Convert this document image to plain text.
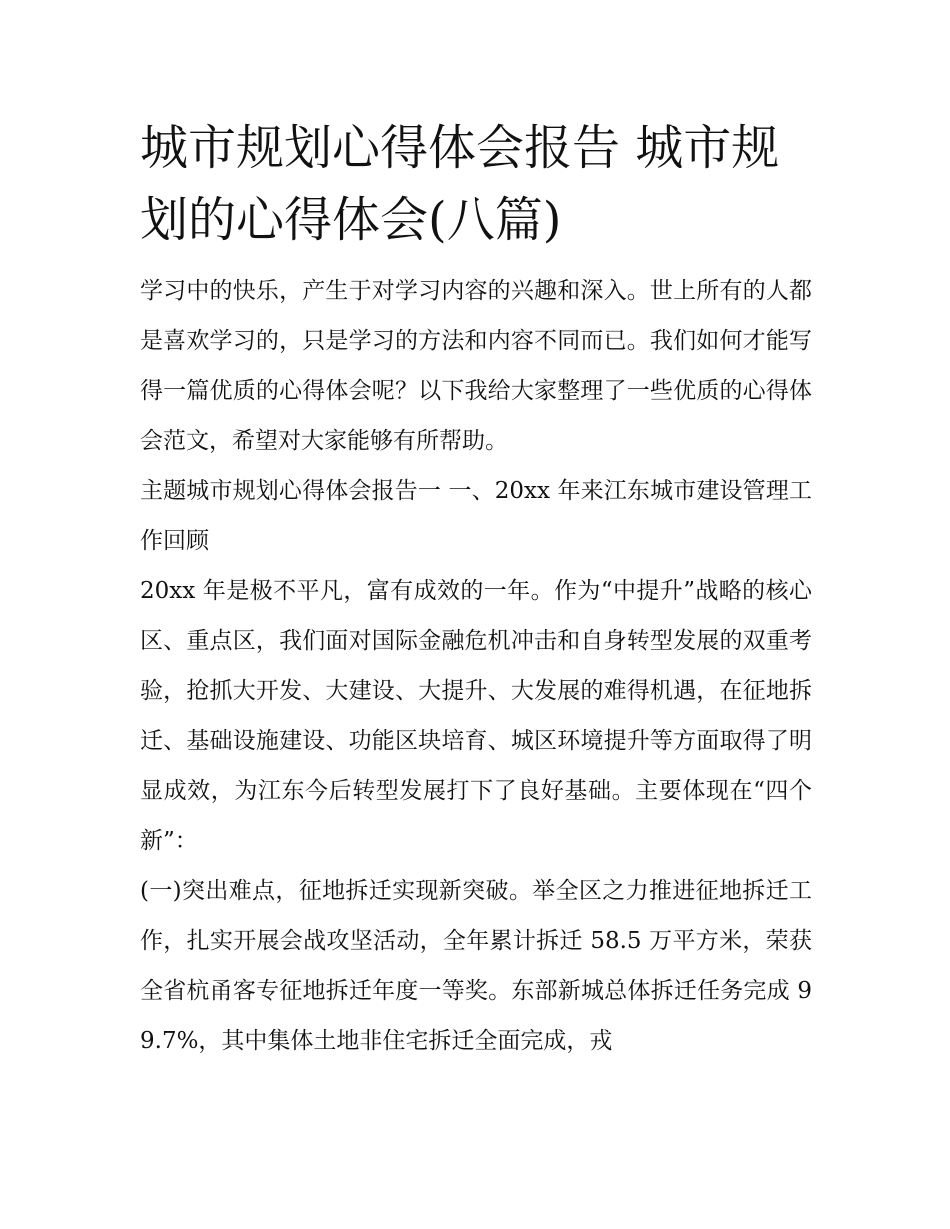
城市规划心得体会报告 城市规划的心得体会(八篇)

学习中的快乐，产生于对学习内容的兴趣和深入。世上所有的人都是喜欢学习的，只是学习的方法和内容不同而已。我们如何才能写得一篇优质的心得体会呢？以下我给大家整理了一些优质的心得体会范文，希望对大家能够有所帮助。

主题城市规划心得体会报告一 一、20xx 年来江东城市建设管理工作回顾

20xx 年是极不平凡，富有成效的一年。作为“中提升”战略的核心区、重点区，我们面对国际金融危机冲击和自身转型发展的双重考验，抢抓大开发、大建设、大提升、大发展的难得机遇，在征地拆迁、基础设施建设、功能区块培育、城区环境提升等方面取得了明显成效，为江东今后转型发展打下了良好基础。主要体现在“四个新”：

(一)突出难点，征地拆迁实现新突破。举全区之力推进征地拆迁工作，扎实开展会战攻坚活动，全年累计拆迁 58.5 万平方米，荣获全省杭甬客专征地拆迁年度一等奖。东部新城总体拆迁任务完成 99.7%，其中集体土地非住宅拆迁全面完成，戎
